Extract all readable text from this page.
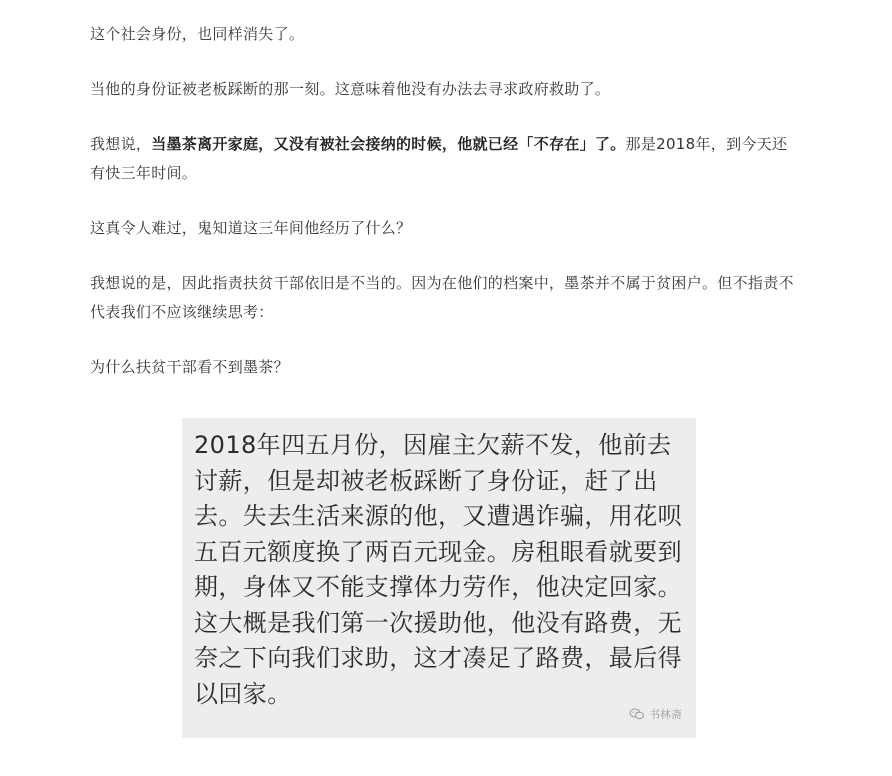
这个社会身份，也同样消失了。

当他的身份证被老板踩断的那一刻。这意味着他没有办法去寻求政府救助了。

我想说，当墨茶离开家庭，又没有被社会接纳的时候，他就已经「不存在」了。那是2018年，到今天还有快三年时间。

这真令人难过，鬼知道这三年间他经历了什么？

我想说的是，因此指责扶贫干部依旧是不当的。因为在他们的档案中，墨茶并不属于贫困户。但不指责不代表我们不应该继续思考：

为什么扶贫干部看不到墨茶？

2018年四五月份，因雇主欠薪不发，他前去讨薪，但是却被老板踩断了身份证，赶了出去。失去生活来源的他，又遭遇诈骗，用花呗五百元额度换了两百元现金。房租眼看就要到期，身体又不能支撑体力劳作，他决定回家。这大概是我们第一次援助他，他没有路费，无奈之下向我们求助，这才凑足了路费，最后得以回家。
书林斋
